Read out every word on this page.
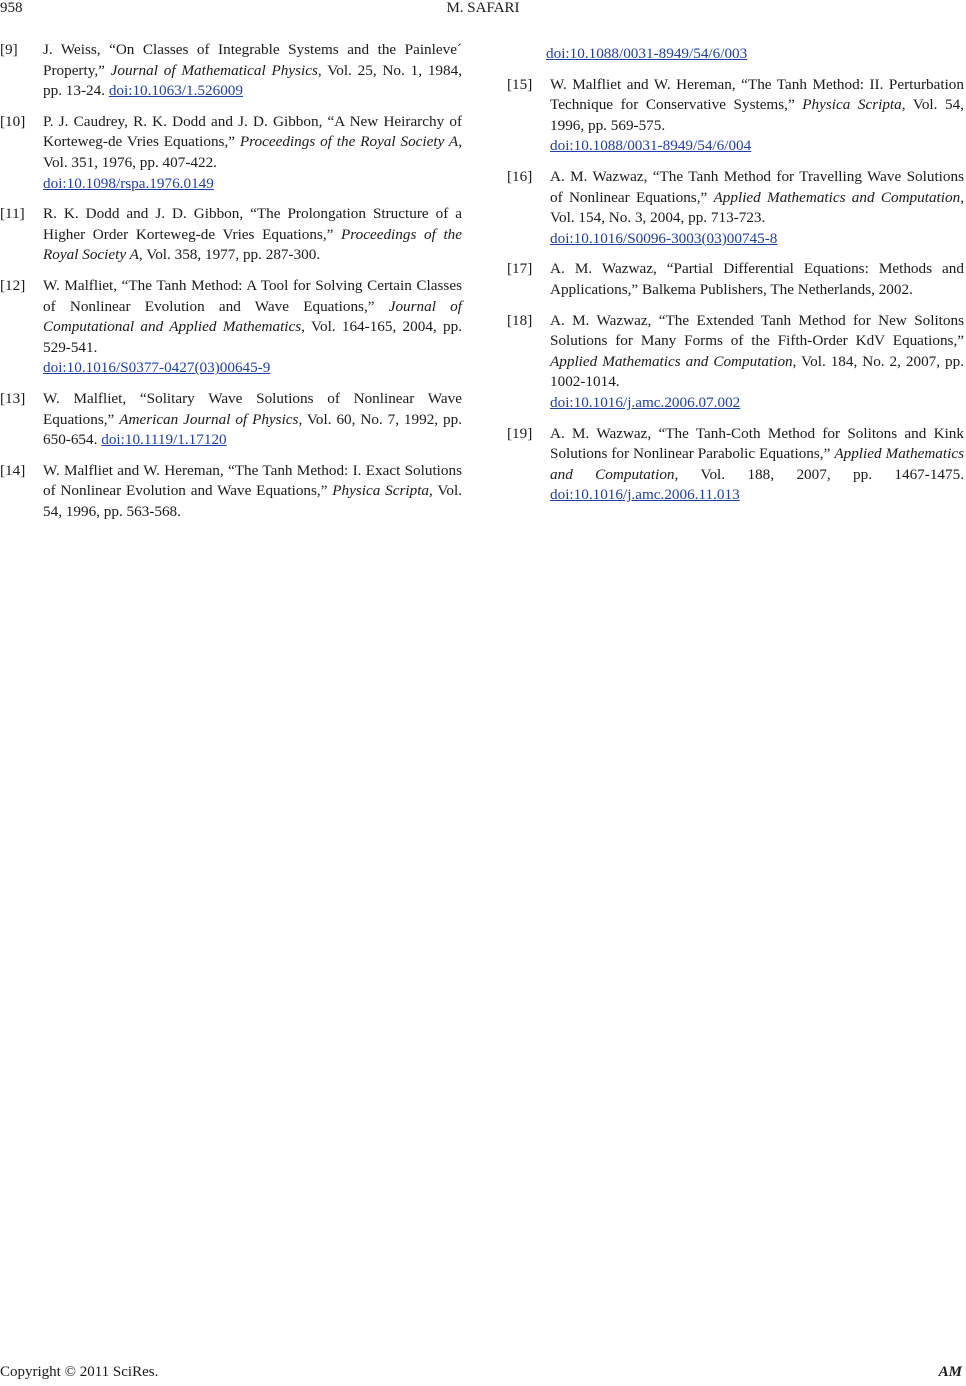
958	M. SAFARI
[9] J. Weiss, “On Classes of Integrable Systems and the Painleve´ Property,” Journal of Mathematical Physics, Vol. 25, No. 1, 1984, pp. 13-24. doi:10.1063/1.526009
[10] P. J. Caudrey, R. K. Dodd and J. D. Gibbon, “A New Heirarchy of Korteweg-de Vries Equations,” Proceedings of the Royal Society A, Vol. 351, 1976, pp. 407-422.
doi:10.1098/rspa.1976.0149
[11] R. K. Dodd and J. D. Gibbon, “The Prolongation Structure of a Higher Order Korteweg-de Vries Equations,” Proceedings of the Royal Society A, Vol. 358, 1977, pp. 287-300.
[12] W. Malfliet, “The Tanh Method: A Tool for Solving Certain Classes of Nonlinear Evolution and Wave Equations,” Journal of Computational and Applied Mathematics, Vol. 164-165, 2004, pp. 529-541.
doi:10.1016/S0377-0427(03)00645-9
[13] W. Malfliet, “Solitary Wave Solutions of Nonlinear Wave Equations,” American Journal of Physics, Vol. 60, No. 7, 1992, pp. 650-654. doi:10.1119/1.17120
[14] W. Malfliet and W. Hereman, “The Tanh Method: I. Exact Solutions of Nonlinear Evolution and Wave Equations,” Physica Scripta, Vol. 54, 1996, pp. 563-568.
doi:10.1088/0031-8949/54/6/003
[15] W. Malfliet and W. Hereman, “The Tanh Method: II. Perturbation Technique for Conservative Systems,” Physica Scripta, Vol. 54, 1996, pp. 569-575.
doi:10.1088/0031-8949/54/6/004
[16] A. M. Wazwaz, “The Tanh Method for Travelling Wave Solutions of Nonlinear Equations,” Applied Mathematics and Computation, Vol. 154, No. 3, 2004, pp. 713-723.
doi:10.1016/S0096-3003(03)00745-8
[17] A. M. Wazwaz, “Partial Differential Equations: Methods and Applications,” Balkema Publishers, The Netherlands, 2002.
[18] A. M. Wazwaz, “The Extended Tanh Method for New Solitons Solutions for Many Forms of the Fifth-Order KdV Equations,” Applied Mathematics and Computation, Vol. 184, No. 2, 2007, pp. 1002-1014.
doi:10.1016/j.amc.2006.07.002
[19] A. M. Wazwaz, “The Tanh-Coth Method for Solitons and Kink Solutions for Nonlinear Parabolic Equations,” Applied Mathematics and Computation, Vol. 188, 2007, pp. 1467-1475. doi:10.1016/j.amc.2006.11.013
Copyright © 2011 SciRes.	AM
